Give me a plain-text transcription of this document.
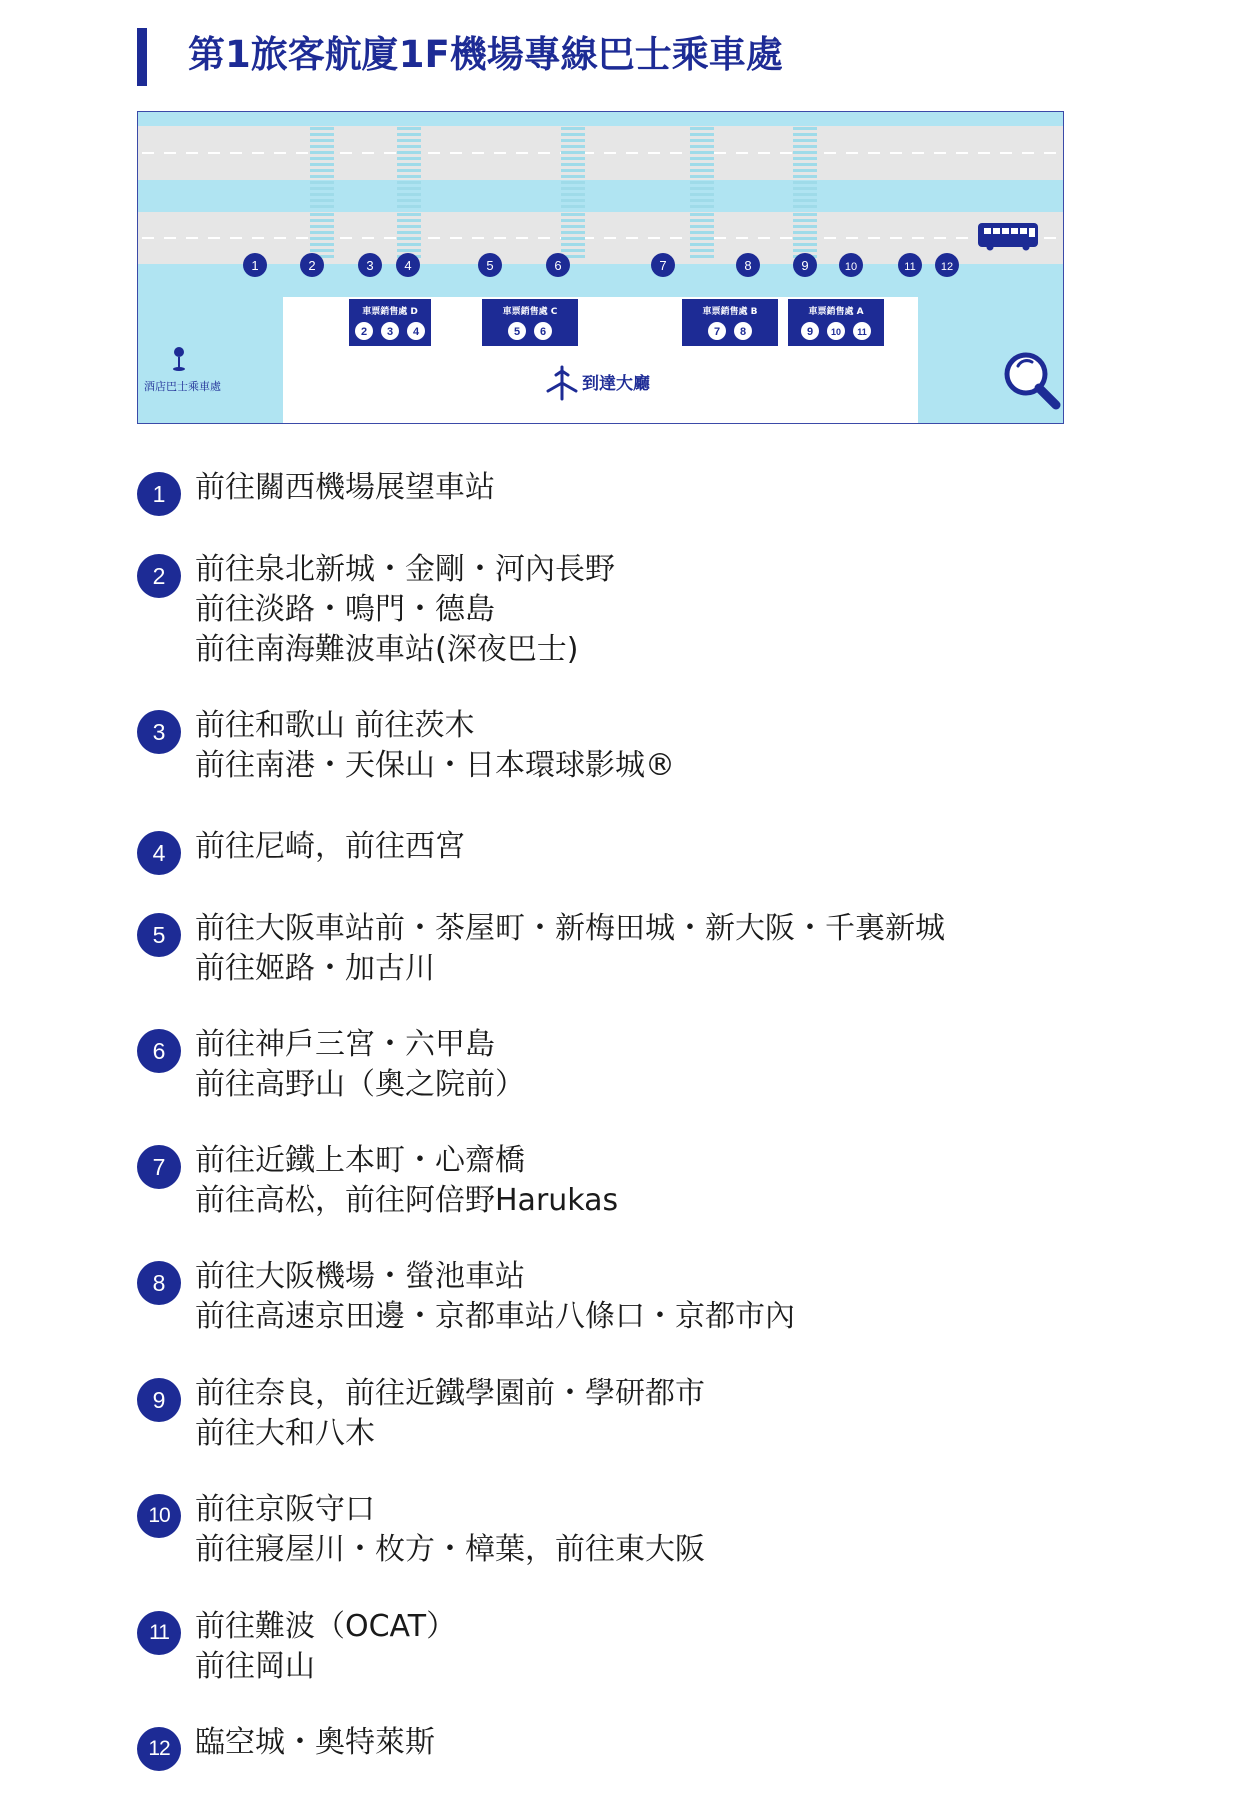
第1旅客航廈1F機場專線巴士乘車處
1	2	3 4	5	6	7	8	9	10	11 12
車票銷售處 D
2 3 4
車票銷售處 C
5 6
車票銷售處 B
7 8
車票銷售處 A
9 10 11
酒店巴士乘車處	到達大廳
1 前往關西機場展望車站
2 前往泉北新城・金剛・河內長野
前往淡路・鳴門・德島
前往南海難波車站(深夜巴士)
3 前往和歌山 前往茨木
前往南港・天保山・日本環球影城®
4 前往尼崎，前往西宮
5 前往大阪車站前・茶屋町・新梅田城・新大阪・千裏新城
前往姬路・加古川
6 前往神戶三宮・六甲島
前往高野山（奧之院前）
7 前往近鐵上本町・心齋橋
前往高松，前往阿倍野Harukas
8 前往大阪機場・螢池車站
前往高速京田邊・京都車站八條口・京都市內
9 前往奈良，前往近鐵學園前・學研都市
前往大和八木
10 前往京阪守口
前往寢屋川・枚方・樟葉，前往東大阪
11 前往難波（OCAT）
前往岡山
12 臨空城・奧特萊斯
